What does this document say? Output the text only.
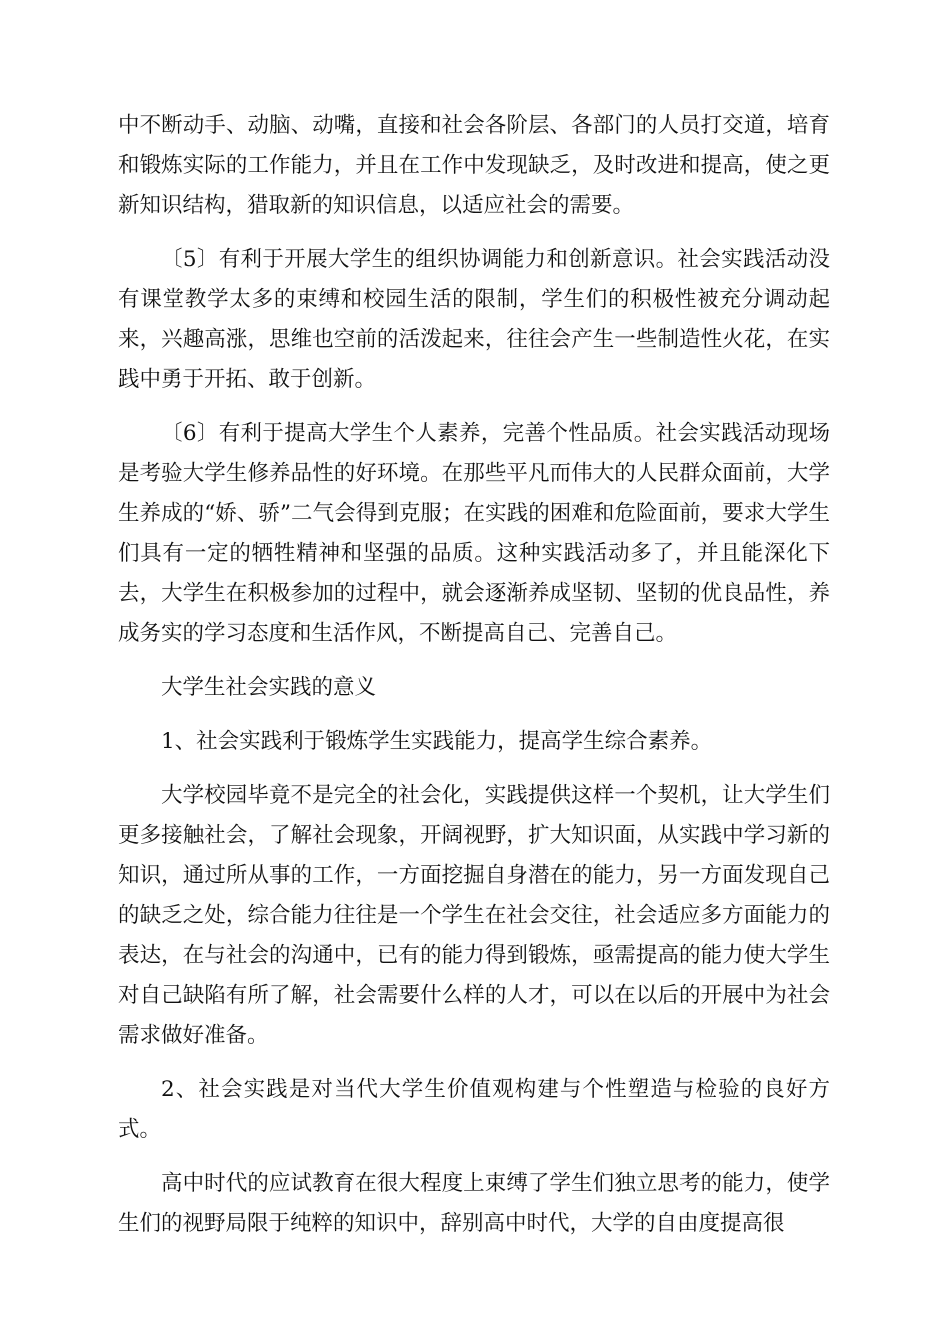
中不断动手、动脑、动嘴，直接和社会各阶层、各部门的人员打交道，培育和锻炼实际的工作能力，并且在工作中发现缺乏，及时改进和提高，使之更新知识结构，猎取新的知识信息，以适应社会的需要。

〔5〕有利于开展大学生的组织协调能力和创新意识。社会实践活动没有课堂教学太多的束缚和校园生活的限制，学生们的积极性被充分调动起来，兴趣高涨，思维也空前的活泼起来，往往会产生一些制造性火花，在实践中勇于开拓、敢于创新。

〔6〕有利于提高大学生个人素养，完善个性品质。社会实践活动现场是考验大学生修养品性的好环境。在那些平凡而伟大的人民群众面前，大学生养成的“娇、骄”二气会得到克服；在实践的困难和危险面前，要求大学生们具有一定的牺牲精神和坚强的品质。这种实践活动多了，并且能深化下去，大学生在积极参加的过程中，就会逐渐养成坚韧、坚韧的优良品性，养成务实的学习态度和生活作风，不断提高自己、完善自己。

大学生社会实践的意义

1、社会实践利于锻炼学生实践能力，提高学生综合素养。

大学校园毕竟不是完全的社会化，实践提供这样一个契机，让大学生们更多接触社会，了解社会现象，开阔视野，扩大知识面，从实践中学习新的知识，通过所从事的工作，一方面挖掘自身潜在的能力，另一方面发现自己的缺乏之处，综合能力往往是一个学生在社会交往，社会适应多方面能力的表达，在与社会的沟通中，已有的能力得到锻炼，亟需提高的能力使大学生对自己缺陷有所了解，社会需要什么样的人才，可以在以后的开展中为社会需求做好准备。

2、社会实践是对当代大学生价值观构建与个性塑造与检验的良好方式。

高中时代的应试教育在很大程度上束缚了学生们独立思考的能力，使学生们的视野局限于纯粹的知识中，辞别高中时代，大学的自由度提高很
